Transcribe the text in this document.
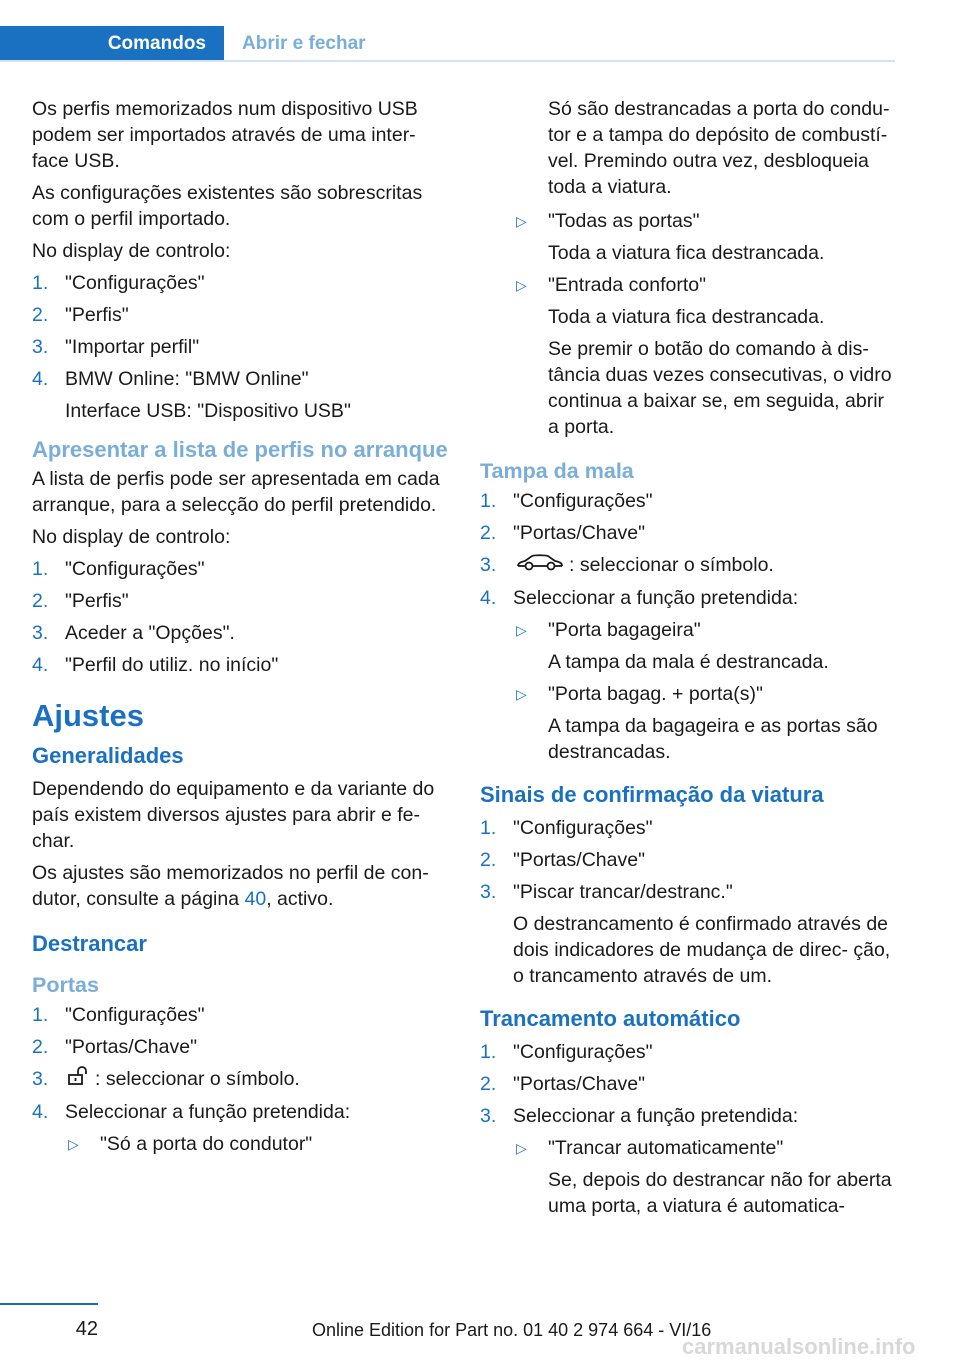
Comandos	Abrir e fechar

Os perfis memorizados num dispositivo USB podem ser importados através de uma inter‐ face USB.

As configurações existentes são sobrescritas com o perfil importado.

No display de controlo:

1. "Configurações"
2. "Perfis"
3. "Importar perfil"
4. BMW Online: "BMW Online"
Interface USB: "Dispositivo USB"
Apresentar a lista de perfis no arranque

A lista de perfis pode ser apresentada em cada arranque, para a selecção do perfil pretendido.

No display de controlo:

1. "Configurações"
2. "Perfis"
3. Aceder a "Opções".
4. "Perfil do utiliz. no início"
Ajustes
Generalidades

Dependendo do equipamento e da variante do país existem diversos ajustes para abrir e fe‐ char.

Os ajustes são memorizados no perfil de con‐ dutor, consulte a página 40, activo.

Destrancar
Portas
1. "Configurações"
2. "Portas/Chave"
3. : seleccionar o símbolo.
4. Seleccionar a função pretendida:
▷ "Só a porta do condutor"

Só são destrancadas a porta do condu‐ tor e a tampa do depósito de combustí‐ vel. Premindo outra vez, desbloqueia toda a viatura.

▷ "Todas as portas"
Toda a viatura fica destrancada.
▷ "Entrada conforto"
Toda a viatura fica destrancada.
Se premir o botão do comando à dis‐ tância duas vezes consecutivas, o vidro continua a baixar se, em seguida, abrir a porta.
Tampa da mala
1. "Configurações"
2. "Portas/Chave"
3.	: seleccionar o símbolo.
4. Seleccionar a função pretendida:
▷ "Porta bagageira"
A tampa da mala é destrancada.
▷ "Porta bagag. + porta(s)"
A tampa da bagageira e as portas são destrancadas.
Sinais de confirmação da viatura
1. "Configurações"
2. "Portas/Chave"
3. "Piscar trancar/destranc."
O destrancamento é confirmado através de dois indicadores de mudança de direc‐ ção, o trancamento através de um.
Trancamento automático
1. "Configurações"
2. "Portas/Chave"
3. Seleccionar a função pretendida:
▷ "Trancar automaticamente"
Se, depois do destrancar não for aberta uma porta, a viatura é automatica‐
42	Online Edition for Part no. 01 40 2 974 664 - VI/16
carmanualsonline.info
